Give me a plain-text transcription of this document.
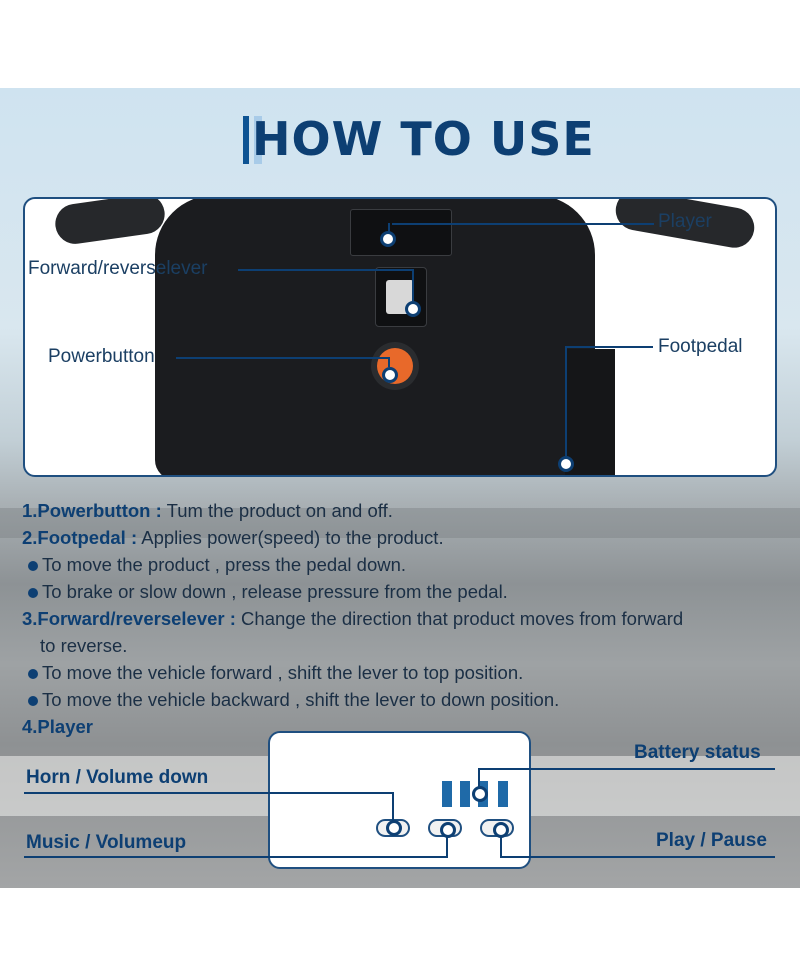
HOW TO USE
Player
Forward/reverselever
Powerbutton	Footpedal
1.Powerbutton : Tum the product on and off.
2.Footpedal : Applies power(speed) to the product.
To move the product , press the pedal down.
To brake or slow down , release pressure from the pedal.
3.Forward/reverselever : Change the direction that product moves from forward
to reverse.
To move the vehicle forward , shift the lever to top position.
To move the vehicle backward , shift the lever to down position.
4.Player
Battery status
Horn / Volume down
Music / Volumeup	Play / Pause
